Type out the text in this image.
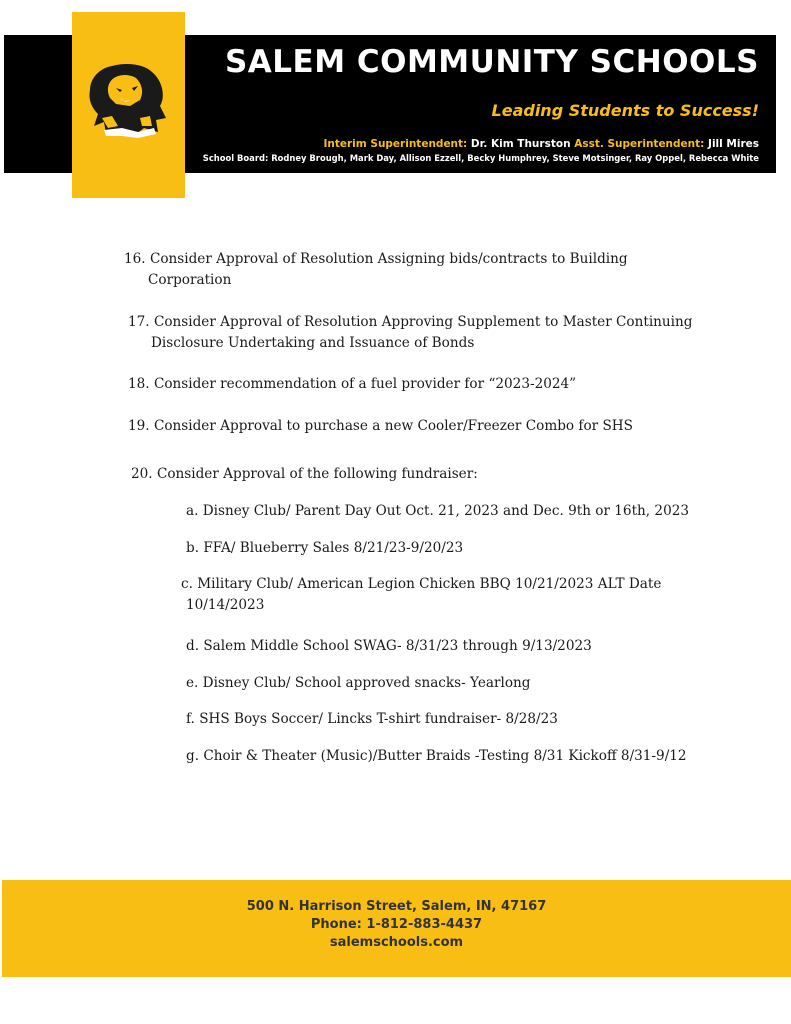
SALEM COMMUNITY SCHOOLS
Leading Students to Success!
Interim Superintendent: Dr. Kim Thurston Asst. Superintendent: Jill Mires
School Board: Rodney Brough, Mark Day, Allison Ezzell, Becky Humphrey, Steve Motsinger, Ray Oppel, Rebecca White
16. Consider Approval of Resolution Assigning bids/contracts to Building
Corporation
17. Consider Approval of Resolution Approving Supplement to Master Continuing
Disclosure Undertaking and Issuance of Bonds
18. Consider recommendation of a fuel provider for “2023-2024”
19. Consider Approval to purchase a new Cooler/Freezer Combo for SHS
20. Consider Approval of the following fundraiser:
a. Disney Club/ Parent Day Out Oct. 21, 2023 and Dec. 9th or 16th, 2023
b. FFA/ Blueberry Sales 8/21/23-9/20/23
c. Military Club/ American Legion Chicken BBQ 10/21/2023 ALT Date
10/14/2023
d. Salem Middle School SWAG- 8/31/23 through 9/13/2023
e. Disney Club/ School approved snacks- Yearlong
f. SHS Boys Soccer/ Lincks T-shirt fundraiser- 8/28/23
g. Choir & Theater (Music)/Butter Braids -Testing 8/31 Kickoff 8/31-9/12
500 N. Harrison Street, Salem, IN, 47167
Phone: 1-812-883-4437
salemschools.com
